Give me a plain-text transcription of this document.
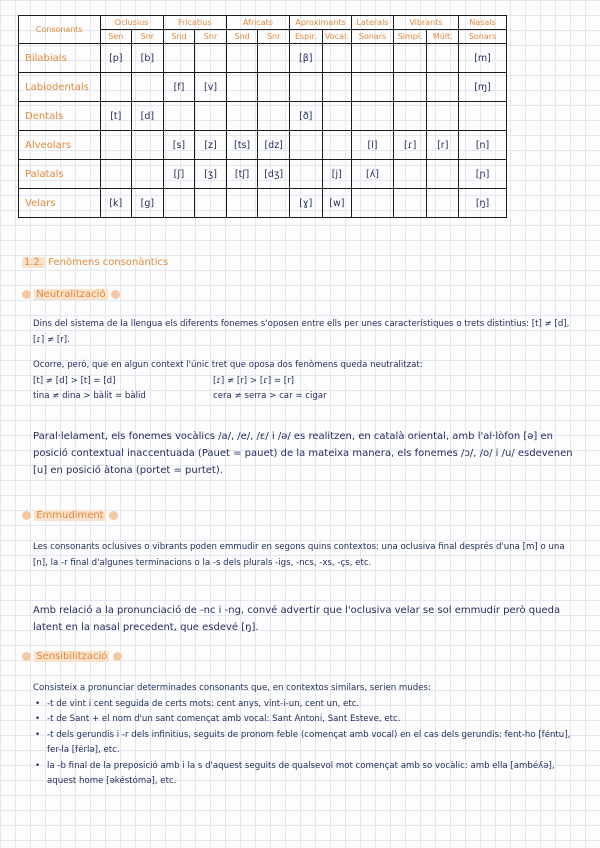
Consonants	Oclusius		Fricatius		Africats		Aproximants		Laterals	Vibrants		Nasals
	Sen	Snr	Snd	Snr	Snd	Snr	Espir.	Vocal.	Sonars	Simpl.	Múlt.	Sonars
Bilabials	[p]	[b]					[β]					[m]
Labiodentals			[f]	[v]								[ɱ]
Dentals	[t]	[d]					[ð]					
Alveolars			[s]	[z]	[ts]	[dz]			[l]	[ɾ]	[r]	[n]
Palatals			[ʃ]	[ʒ]	[tʃ]	[dʒ]		[j]	[ʎ]			[ɲ]
Velars	[k]	[g]					[ɣ]	[w]				[ŋ]
1.2. Fenòmens consonàntics
Neutralització

Dins del sistema de la llengua els diferents fonemes s'oposen entre ells per unes característiques o trets distintius: [t] ≠ [d], [ɾ] ≠ [r].

Ocorre, però, que en algun context l'únic tret que oposa dos fenòmens queda neutralitzat:

[t] ≠ [d] > [t] = [d]	[ɾ] ≠ [r] > [ɾ] = [r]
tina ≠ dina > bàlit = bàlid	cera ≠ serra > car = cigar
Paral·lelament, els fonemes vocàlics /a/, /e/, /ɛ/ i /ə/ es realitzen, en català oriental, amb l'al·lòfon [ə] en posició contextual inaccentuada (Pauet = pauet) de la mateixa manera, els fonemes /ɔ/, /o/ i /u/ esdevenen [u] en posició àtona (portet = purtet).
Emmudiment
Les consonants oclusives o vibrants poden emmudir en segons quins contextos: una oclusiva final després d'una [m] o una [n], la -r final d'algunes terminacions o la -s dels plurals -igs, -ncs, -xs, -çs, etc.
Amb relació a la pronunciació de -nc i -ng, convé advertir que l'oclusiva velar se sol emmudir però queda latent en la nasal precedent, que esdevé [ŋ].
Sensibilització

Consisteix a pronunciar determinades consonants que, en contextos similars, serien mudes:

• -t de vint i cent seguida de certs mots: cent anys, vint-i-un, cent un, etc.
• -t de Sant + el nom d'un sant començat amb vocal: Sant Antoni, Sant Esteve, etc.
• -t dels gerundis i -r dels infinitius, seguits de pronom feble (començat amb vocal) en el cas dels gerundis: fent-ho [féntu], fer-la [férlə], etc.
• la -b final de la preposició amb i la s d'aquest seguits de qualsevol mot començat amb so vocàlic: amb ella [ambéʎə], aquest home [əkéstómə], etc.
